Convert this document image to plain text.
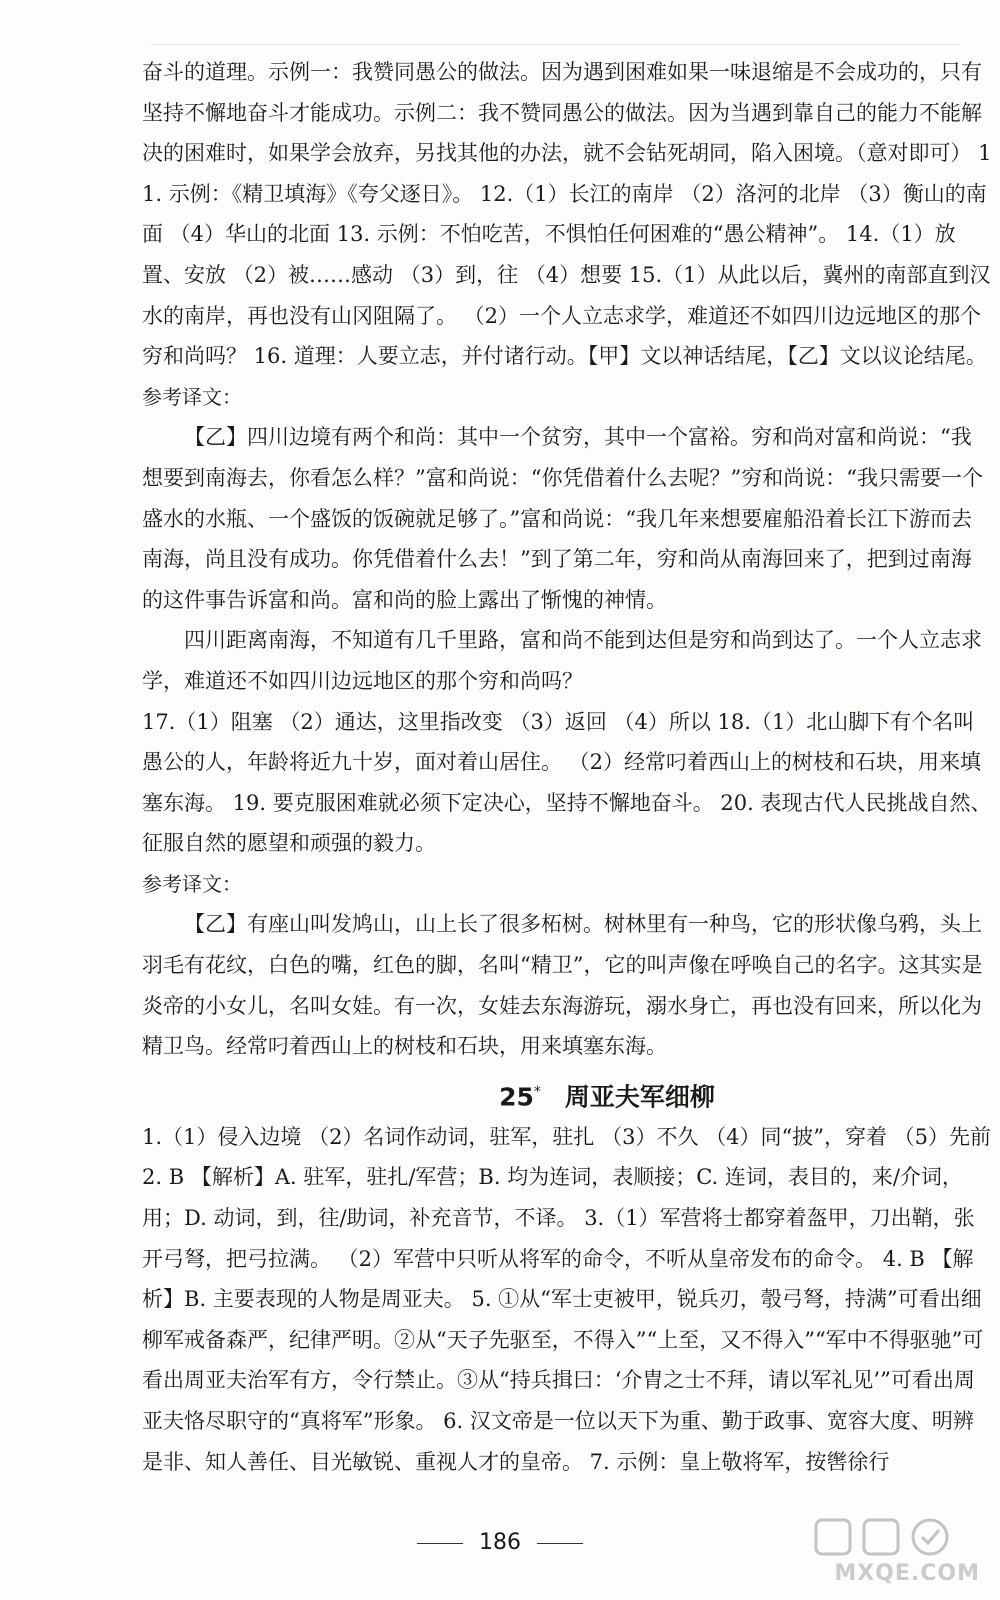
奋斗的道理。示例一：我赞同愚公的做法。因为遇到困难如果一味退缩是不会成功的，只有坚持不懈地奋斗才能成功。示例二：我不赞同愚公的做法。因为当遇到靠自己的能力不能解决的困难时，如果学会放弃，另找其他的办法，就不会钻死胡同，陷入困境。（意对即可） 11. 示例：《精卫填海》《夸父逐日》。 12.（1）长江的南岸 （2）洛河的北岸 （3）衡山的南面 （4）华山的北面 13. 示例：不怕吃苦，不惧怕任何困难的“愚公精神”。 14.（1）放置、安放 （2）被……感动 （3）到，往 （4）想要 15.（1）从此以后，冀州的南部直到汉水的南岸，再也没有山冈阻隔了。 （2）一个人立志求学，难道还不如四川边远地区的那个穷和尚吗？ 16. 道理：人要立志，并付诸行动。【甲】文以神话结尾，【乙】文以议论结尾。

参考译文：

【乙】四川边境有两个和尚：其中一个贫穷，其中一个富裕。穷和尚对富和尚说：“我想要到南海去，你看怎么样？”富和尚说：“你凭借着什么去呢？”穷和尚说：“我只需要一个盛水的水瓶、一个盛饭的饭碗就足够了。”富和尚说：“我几年来想要雇船沿着长江下游而去南海，尚且没有成功。你凭借着什么去！”到了第二年，穷和尚从南海回来了，把到过南海的这件事告诉富和尚。富和尚的脸上露出了惭愧的神情。

四川距离南海，不知道有几千里路，富和尚不能到达但是穷和尚到达了。一个人立志求学，难道还不如四川边远地区的那个穷和尚吗？

17.（1）阻塞 （2）通达，这里指改变 （3）返回 （4）所以 18.（1）北山脚下有个名叫愚公的人，年龄将近九十岁，面对着山居住。 （2）经常叼着西山上的树枝和石块，用来填塞东海。 19. 要克服困难就必须下定决心，坚持不懈地奋斗。 20. 表现古代人民挑战自然、征服自然的愿望和顽强的毅力。

参考译文：

【乙】有座山叫发鸠山，山上长了很多柘树。树林里有一种鸟，它的形状像乌鸦，头上羽毛有花纹，白色的嘴，红色的脚，名叫“精卫”，它的叫声像在呼唤自己的名字。这其实是炎帝的小女儿，名叫女娃。有一次，女娃去东海游玩，溺水身亡，再也没有回来，所以化为精卫鸟。经常叼着西山上的树枝和石块，用来填塞东海。

25* 周亚夫军细柳

1.（1）侵入边境 （2）名词作动词，驻军，驻扎 （3）不久 （4）同“披”，穿着 （5）先前

2. B 【解析】A. 驻军，驻扎/军营；B. 均为连词，表顺接；C. 连词，表目的，来/介词，用；D. 动词，到，往/助词，补充音节，不译。 3.（1）军营将士都穿着盔甲，刀出鞘，张开弓弩，把弓拉满。 （2）军营中只听从将军的命令，不听从皇帝发布的命令。 4. B 【解析】B. 主要表现的人物是周亚夫。 5. ①从“军士吏被甲，锐兵刃，彀弓弩，持满”可看出细柳军戒备森严，纪律严明。②从“天子先驱至，不得入”“上至，又不得入”“军中不得驱驰”可看出周亚夫治军有方，令行禁止。③从“持兵揖曰：‘介胄之士不拜，请以军礼见’”可看出周亚夫恪尽职守的“真将军”形象。 6. 汉文帝是一位以天下为重、勤于政事、宽容大度、明辨是非、知人善任、目光敏锐、重视人才的皇帝。 7. 示例：皇上敬将军，按辔徐行

186
MXQE.COM
